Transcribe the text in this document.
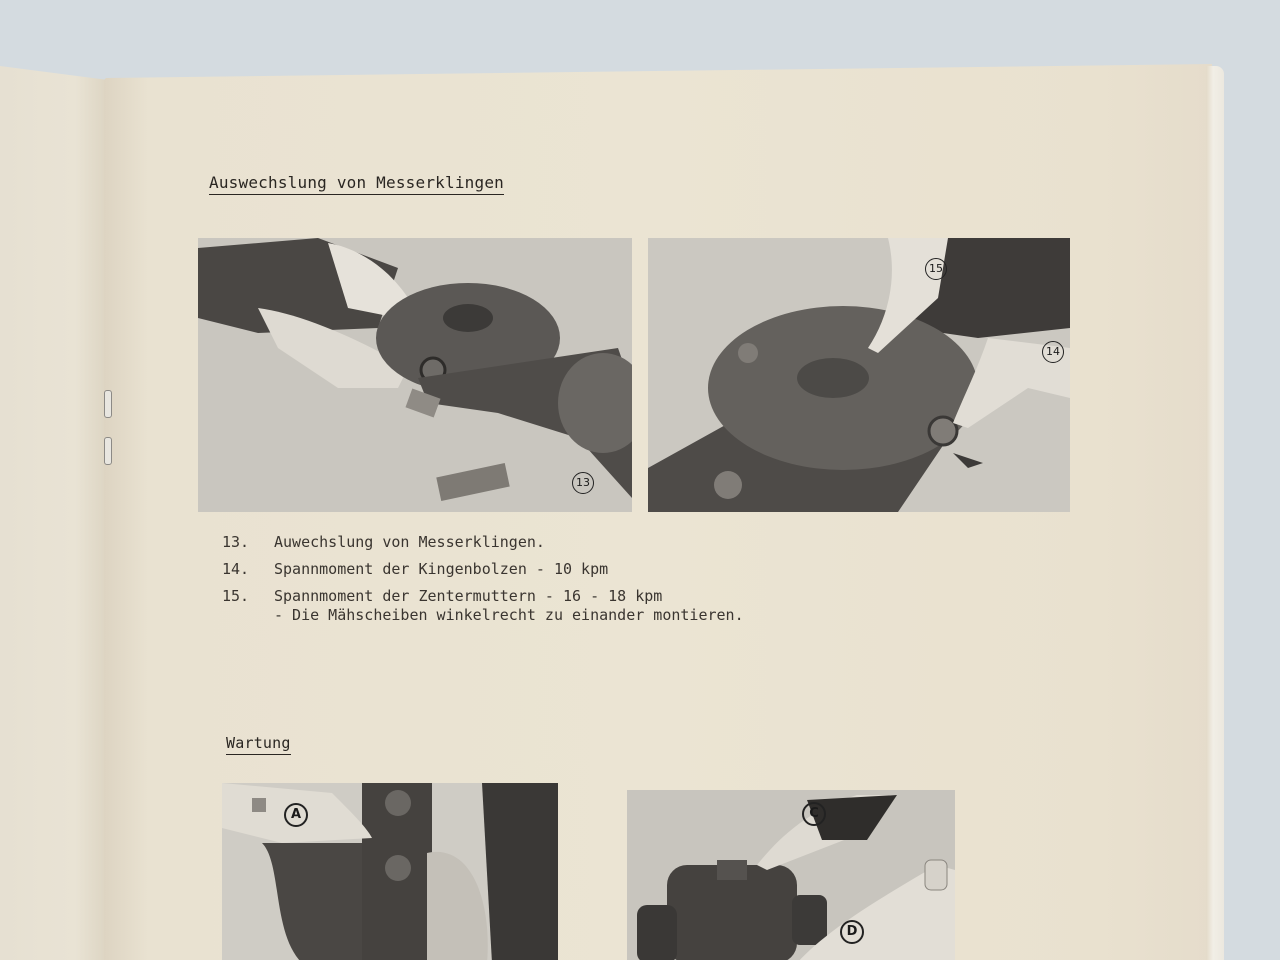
Auswechslung von Messerklingen
13
15
14
13.	Auwechslung von Messerklingen.
14.	Spannmoment der Kingenbolzen - 10 kpm
15.	Spannmoment der Zentermuttern - 16 - 18 kpm
- Die Mähscheiben winkelrecht zu einander montieren.
Wartung
A	C
D
